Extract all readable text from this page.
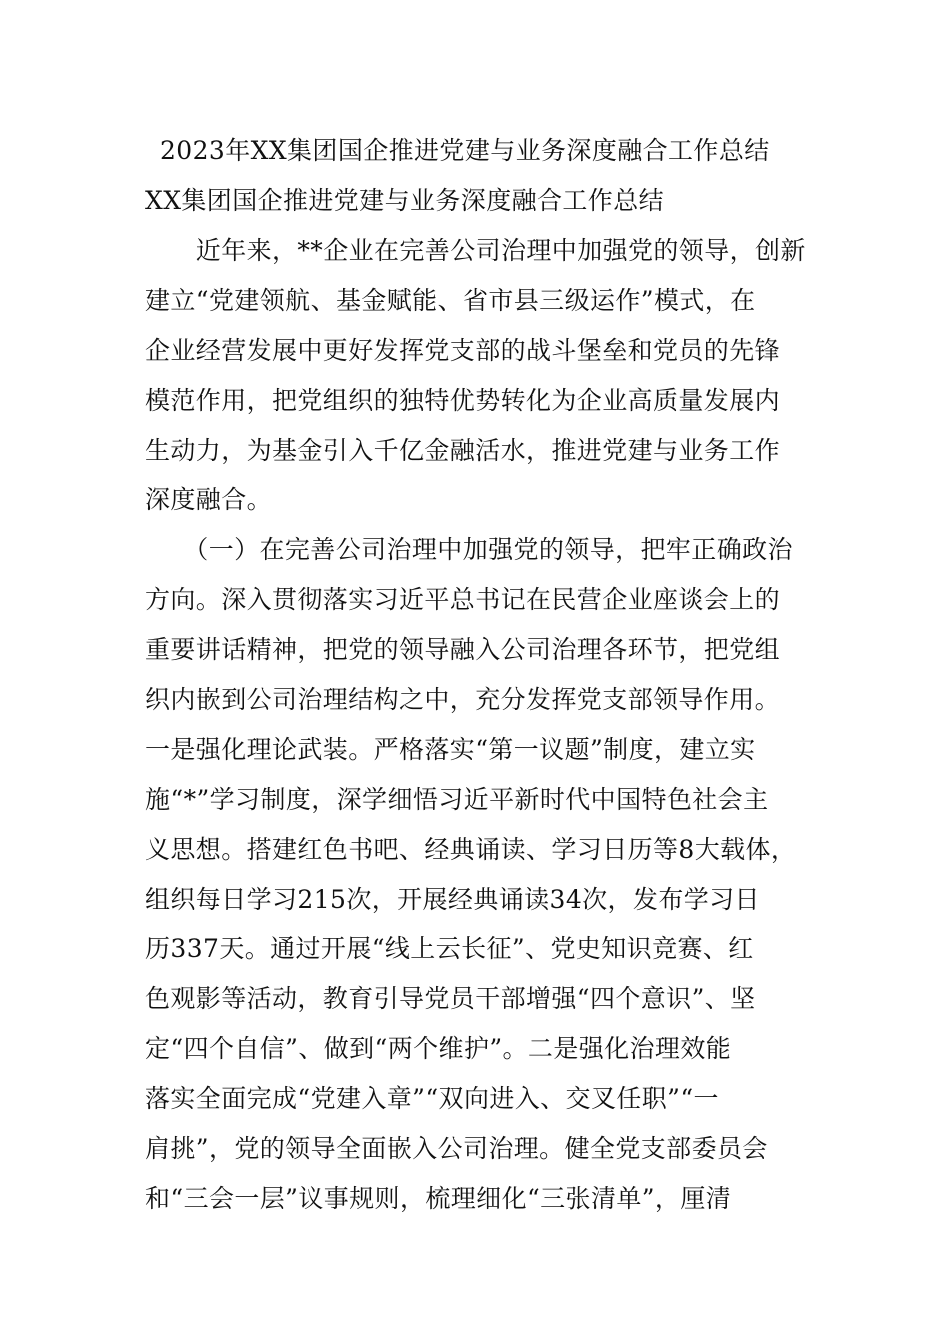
2023年XX集团国企推进党建与业务深度融合工作总结
XX集团国企推进党建与业务深度融合工作总结
　　近年来，**企业在完善公司治理中加强党的领导，创新
建立“党建领航、基金赋能、省市县三级运作”模式，在
企业经营发展中更好发挥党支部的战斗堡垒和党员的先锋
模范作用，把党组织的独特优势转化为企业高质量发展内
生动力，为基金引入千亿金融活水，推进党建与业务工作
深度融合。
　　（一）在完善公司治理中加强党的领导，把牢正确政治
方向。深入贯彻落实习近平总书记在民营企业座谈会上的
重要讲话精神，把党的领导融入公司治理各环节，把党组
织内嵌到公司治理结构之中，充分发挥党支部领导作用。
一是强化理论武装。严格落实“第一议题”制度，建立实
施“*”学习制度，深学细悟习近平新时代中国特色社会主
义思想。搭建红色书吧、经典诵读、学习日历等8大载体，
组织每日学习215次，开展经典诵读34次，发布学习日
历337天。通过开展“线上云长征”、党史知识竞赛、红
色观影等活动，教育引导党员干部增强“四个意识”、坚
定“四个自信”、做到“两个维护”。二是强化治理效能
落实全面完成“党建入章”“双向进入、交叉任职”“一
肩挑”，党的领导全面嵌入公司治理。健全党支部委员会
和“三会一层”议事规则，梳理细化“三张清单”，厘清
